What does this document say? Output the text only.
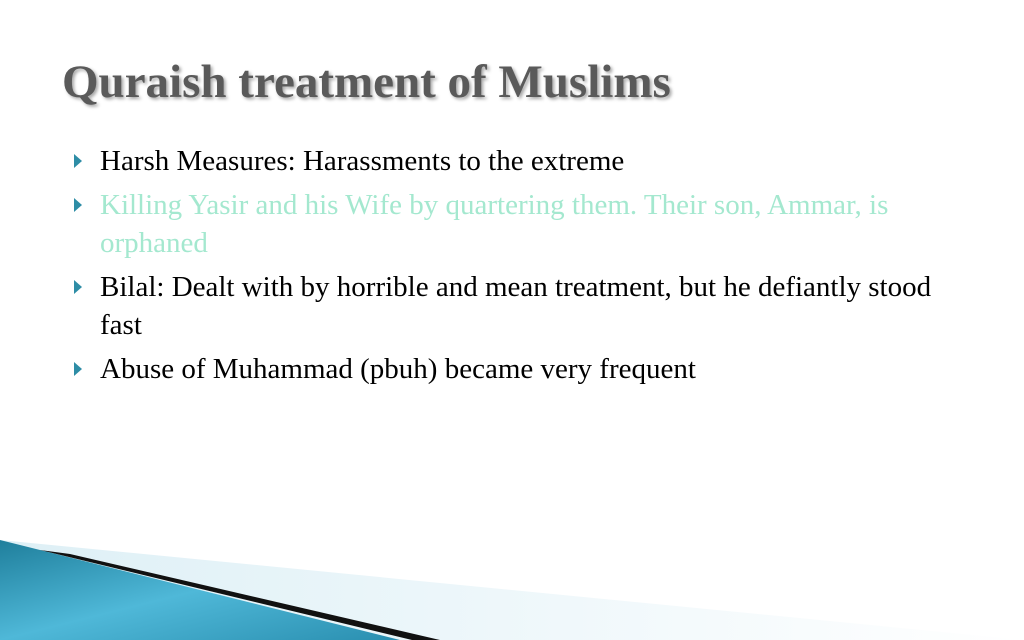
Quraish treatment of Muslims
Harsh Measures: Harassments to the extreme
Killing Yasir and his Wife by quartering them. Their son, Ammar, is orphaned
Bilal: Dealt with by horrible and mean treatment, but he defiantly stood fast
Abuse of Muhammad (pbuh) became very frequent
